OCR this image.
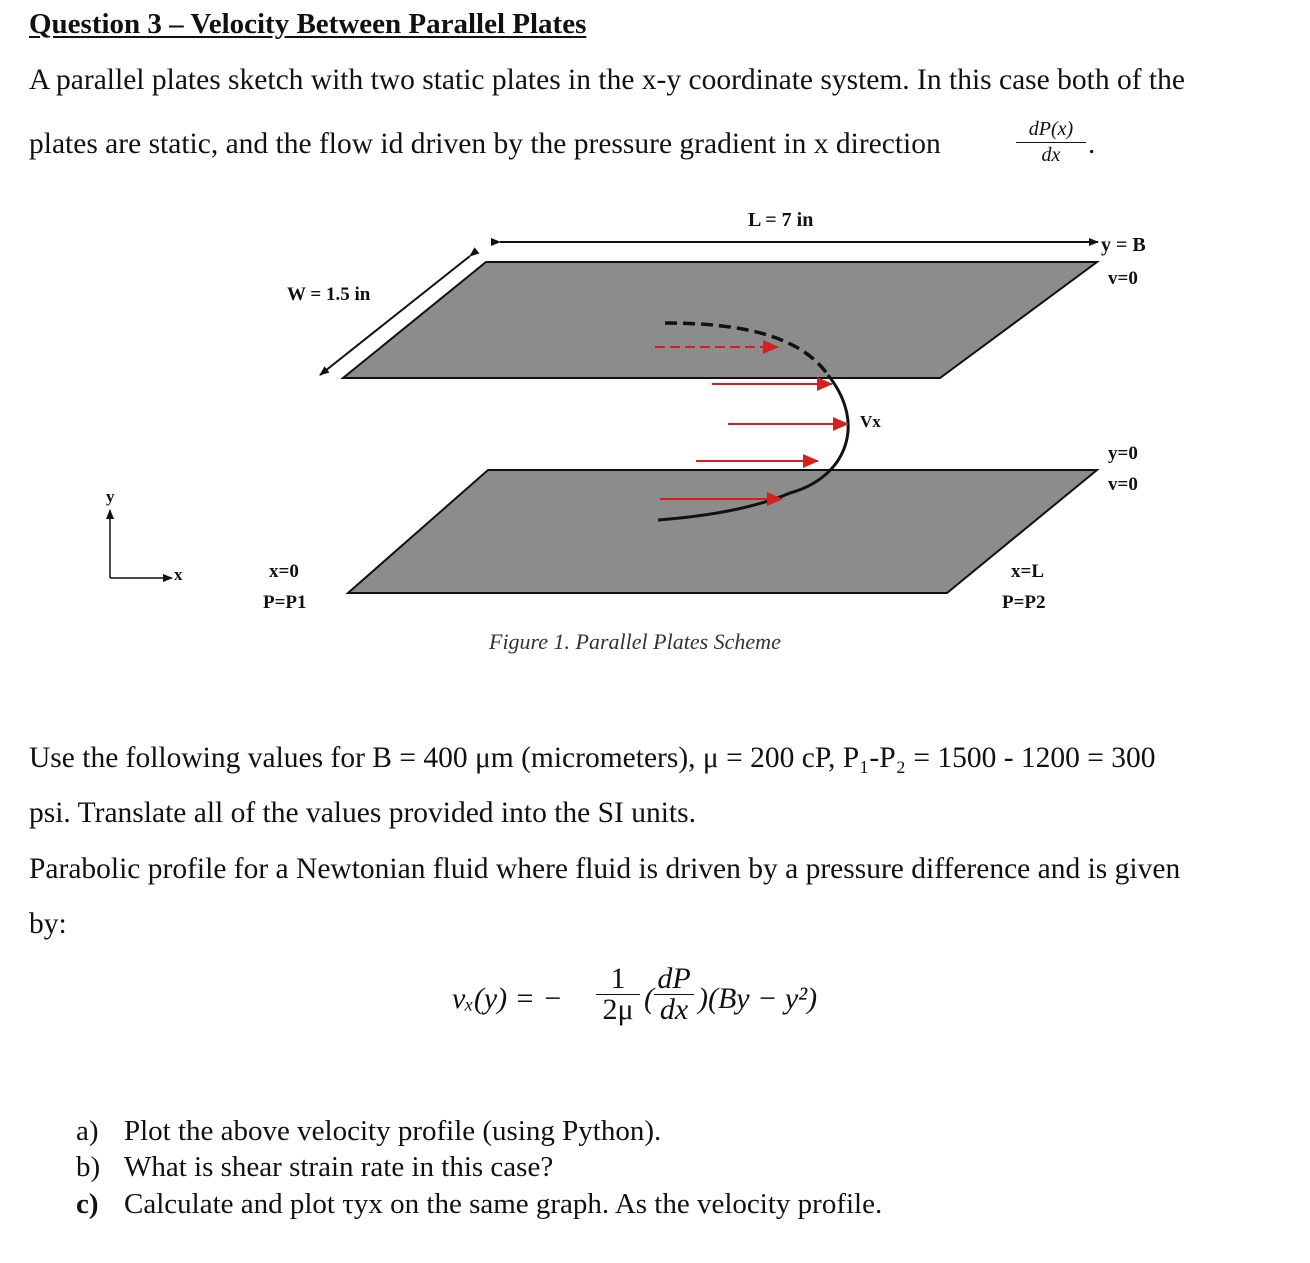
Question 3 – Velocity Between Parallel Plates
A parallel plates sketch with two static plates in the x-y coordinate system. In this case both of the
plates are static, and the flow id driven by the pressure gradient in x direction	dP(x)
dx .
L = 7 in
W = 1.5 in
y = B
v=0
y=0
v=0
x=0
P=P1
x=L
P=P2
Vx
y
x
Figure 1. Parallel Plates Scheme
Use the following values for B = 400 μm (micrometers), μ = 200 cP, P₁-P₂ = 1500 - 1200 = 300
psi. Translate all of the values provided into the SI units.
Parabolic profile for a Newtonian fluid where fluid is driven by a pressure difference and is given
by:
vₓ(y) = −
1
2μ (
dP
dx )(By − y²)
a) Plot the above velocity profile (using Python).
b) What is shear strain rate in this case?
c) Calculate and plot τyx on the same graph. As the velocity profile.
